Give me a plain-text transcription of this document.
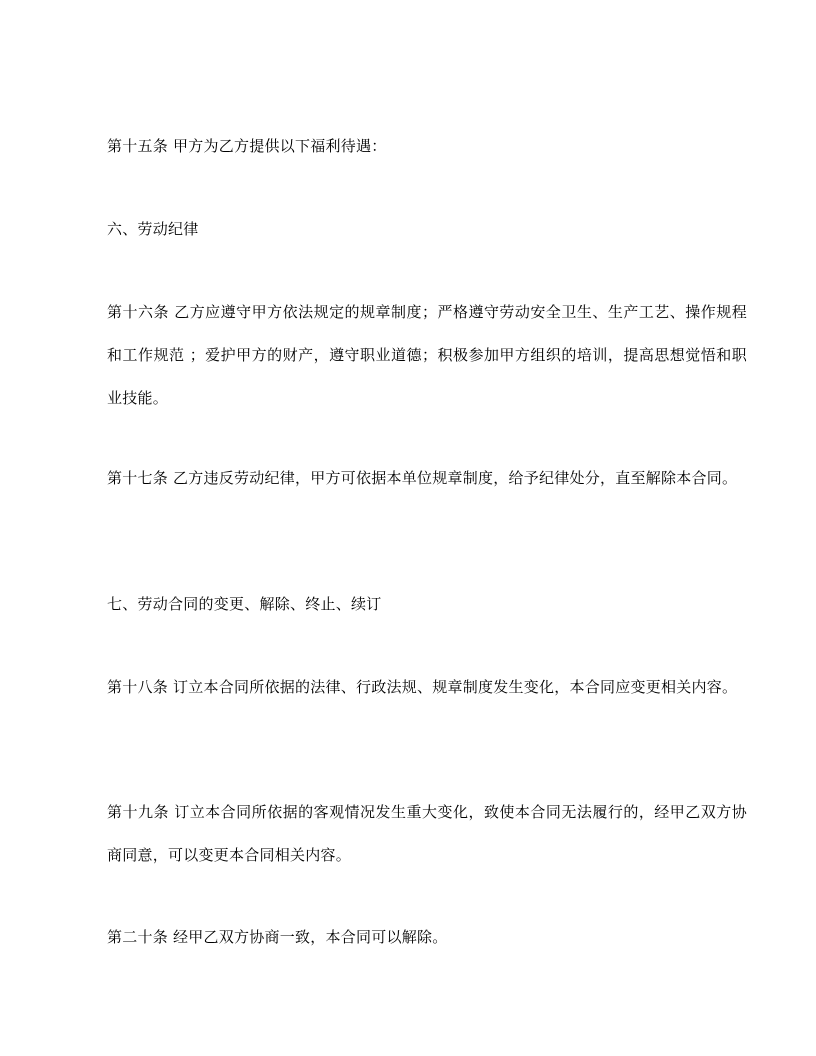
第十五条 甲方为乙方提供以下福利待遇：

六、劳动纪律

第十六条 乙方应遵守甲方依法规定的规章制度；严格遵守劳动安全卫生、生产工艺、操作规程和工作规范 ；爱护甲方的财产，遵守职业道德；积极参加甲方组织的培训，提高思想觉悟和职业技能。

第十七条 乙方违反劳动纪律，甲方可依据本单位规章制度，给予纪律处分，直至解除本合同。

七、劳动合同的变更、解除、终止、续订

第十八条 订立本合同所依据的法律、行政法规、规章制度发生变化，本合同应变更相关内容。

第十九条 订立本合同所依据的客观情况发生重大变化，致使本合同无法履行的，经甲乙双方协商同意，可以变更本合同相关内容。

第二十条 经甲乙双方协商一致，本合同可以解除。
